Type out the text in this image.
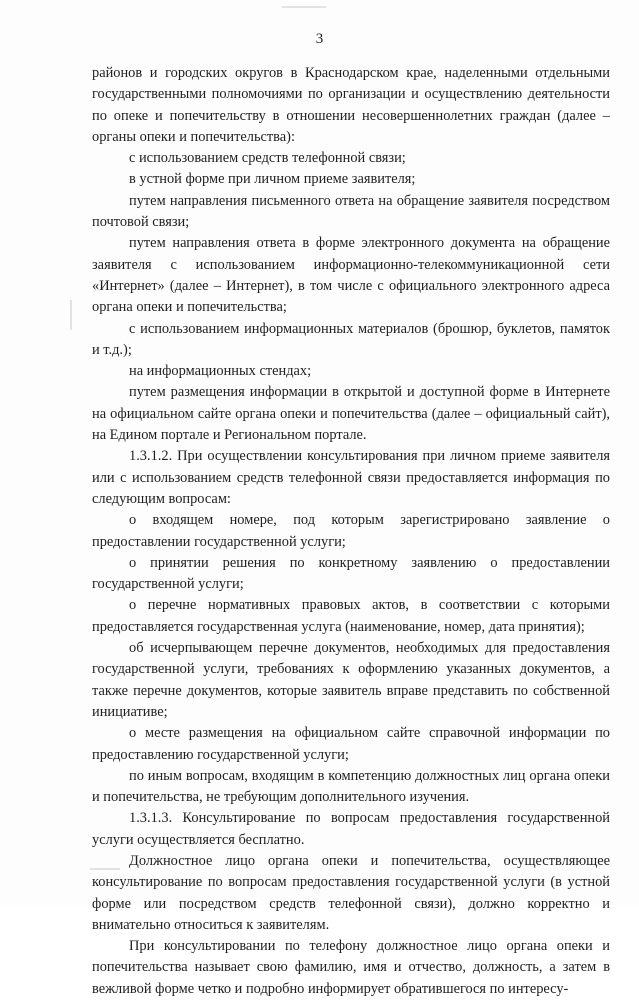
3

районов и городских округов в Краснодарском крае, наделенными отдельными государственными полномочиями по организации и осуществлению деятельности по опеке и попечительству в отношении несовершеннолетних граждан (далее – органы опеки и попечительства):

с использованием средств телефонной связи;

в устной форме при личном приеме заявителя;

путем направления письменного ответа на обращение заявителя посредством почтовой связи;

путем направления ответа в форме электронного документа на обращение заявителя с использованием информационно-телекоммуникационной сети «Интернет» (далее – Интернет), в том числе с официального электронного адреса органа опеки и попечительства;

с использованием информационных материалов (брошюр, буклетов, памяток и т.д.);

на информационных стендах;

путем размещения информации в открытой и доступной форме в Интернете на официальном сайте органа опеки и попечительства (далее – официальный сайт), на Едином портале и Региональном портале.

1.3.1.2. При осуществлении консультирования при личном приеме заявителя или с использованием средств телефонной связи предоставляется информация по следующим вопросам:

о входящем номере, под которым зарегистрировано заявление о предоставлении государственной услуги;

о принятии решения по конкретному заявлению о предоставлении государственной услуги;

о перечне нормативных правовых актов, в соответствии с которыми предоставляется государственная услуга (наименование, номер, дата принятия);

об исчерпывающем перечне документов, необходимых для предоставления государственной услуги, требованиях к оформлению указанных документов, а также перечне документов, которые заявитель вправе представить по собственной инициативе;

о месте размещения на официальном сайте справочной информации по предоставлению государственной услуги;

по иным вопросам, входящим в компетенцию должностных лиц органа опеки и попечительства, не требующим дополнительного изучения.

1.3.1.3. Консультирование по вопросам предоставления государственной услуги осуществляется бесплатно.

Должностное лицо органа опеки и попечительства, осуществляющее консультирование по вопросам предоставления государственной услуги (в устной форме или посредством средств телефонной связи), должно корректно и внимательно относиться к заявителям.

При консультировании по телефону должностное лицо органа опеки и попечительства называет свою фамилию, имя и отчество, должность, а затем в вежливой форме четко и подробно информирует обратившегося по интересу-
